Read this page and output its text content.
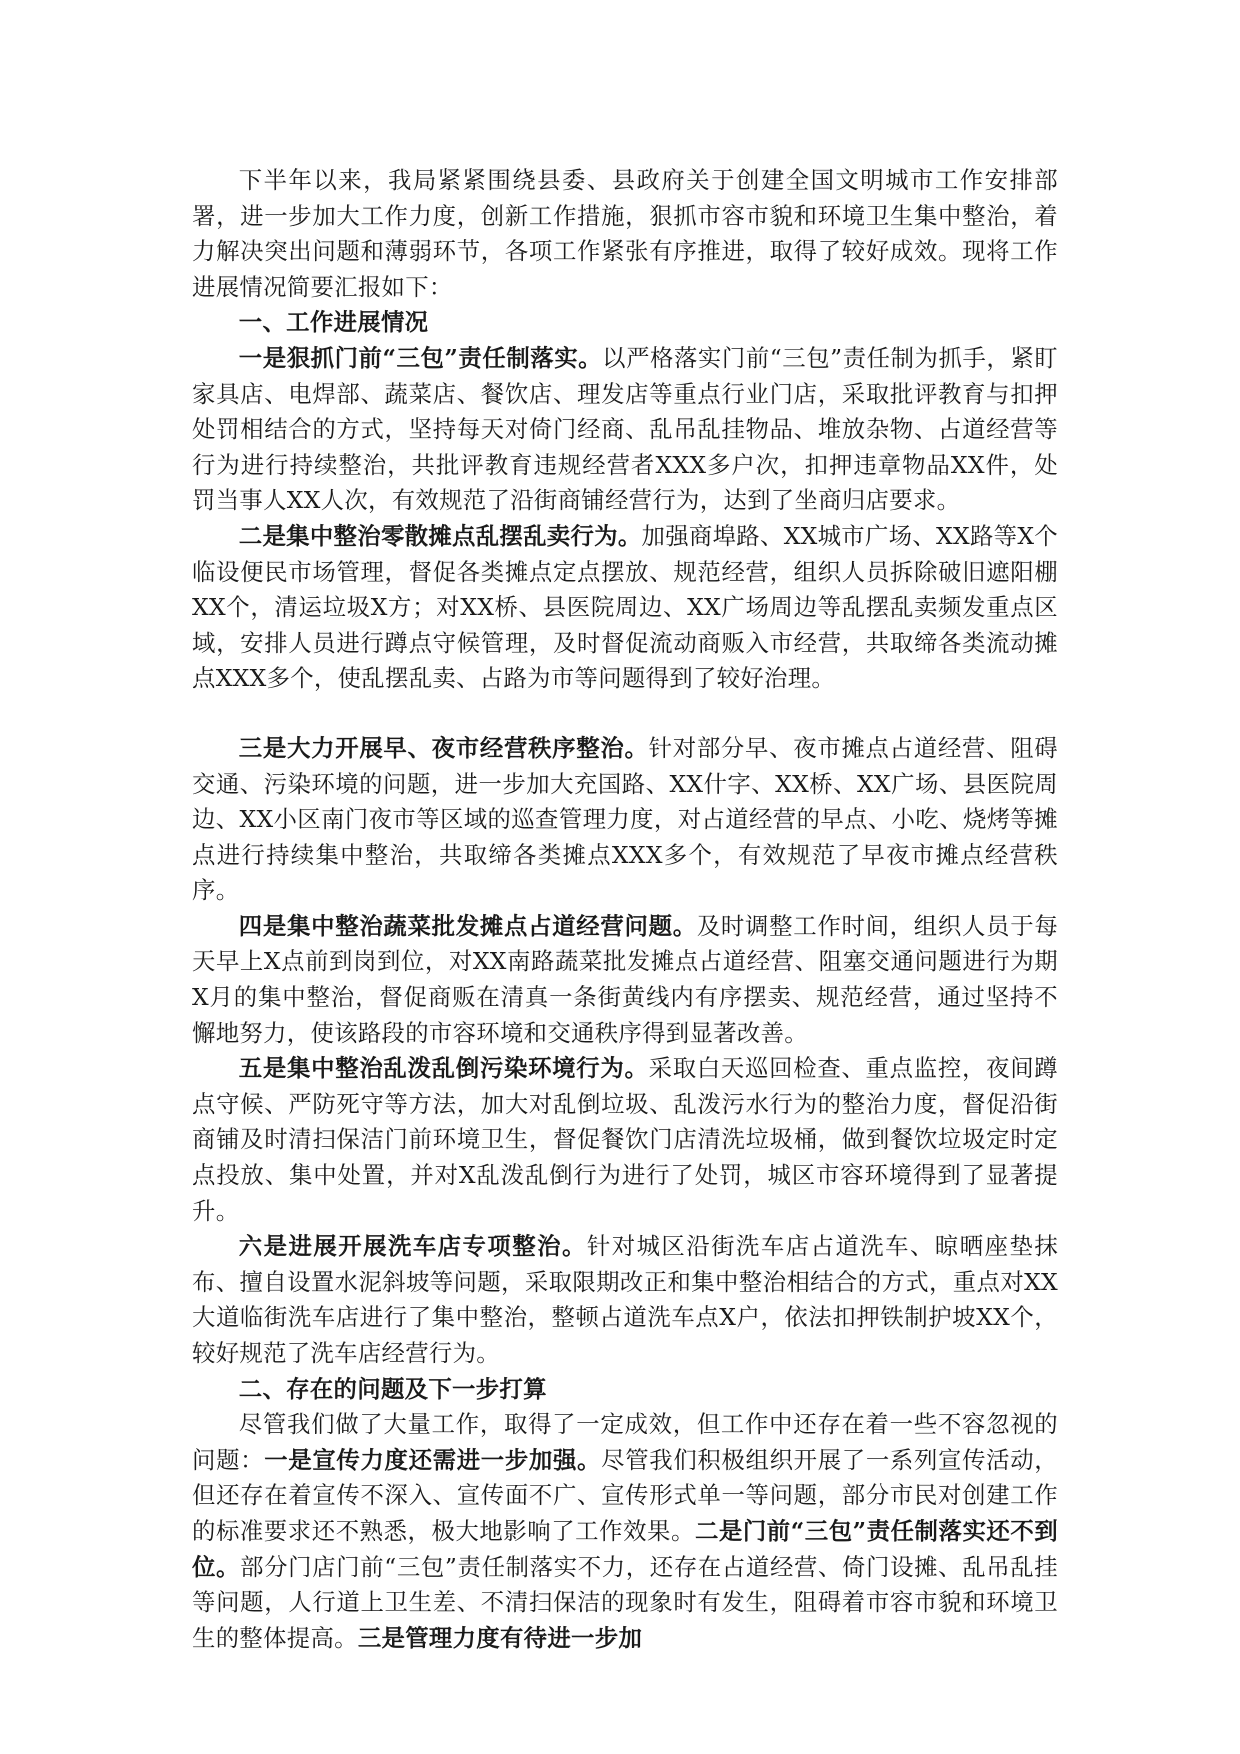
下半年以来，我局紧紧围绕县委、县政府关于创建全国文明城市工作安排部署，进一步加大工作力度，创新工作措施，狠抓市容市貌和环境卫生集中整治，着力解决突出问题和薄弱环节，各项工作紧张有序推进，取得了较好成效。现将工作进展情况简要汇报如下：

一、工作进展情况

一是狠抓门前“三包”责任制落实。以严格落实门前“三包”责任制为抓手，紧盯家具店、电焊部、蔬菜店、餐饮店、理发店等重点行业门店，采取批评教育与扣押处罚相结合的方式，坚持每天对倚门经商、乱吊乱挂物品、堆放杂物、占道经营等行为进行持续整治，共批评教育违规经营者XXX多户次，扣押违章物品XX件，处罚当事人XX人次，有效规范了沿街商铺经营行为，达到了坐商归店要求。

二是集中整治零散摊点乱摆乱卖行为。加强商埠路、XX城市广场、XX路等X个临设便民市场管理，督促各类摊点定点摆放、规范经营，组织人员拆除破旧遮阳棚XX个，清运垃圾X方；对XX桥、县医院周边、XX广场周边等乱摆乱卖频发重点区域，安排人员进行蹲点守候管理，及时督促流动商贩入市经营，共取缔各类流动摊点XXX多个，使乱摆乱卖、占路为市等问题得到了较好治理。

三是大力开展早、夜市经营秩序整治。针对部分早、夜市摊点占道经营、阻碍交通、污染环境的问题，进一步加大充国路、XX什字、XX桥、XX广场、县医院周边、XX小区南门夜市等区域的巡查管理力度，对占道经营的早点、小吃、烧烤等摊点进行持续集中整治，共取缔各类摊点XXX多个，有效规范了早夜市摊点经营秩序。

四是集中整治蔬菜批发摊点占道经营问题。及时调整工作时间，组织人员于每天早上X点前到岗到位，对XX南路蔬菜批发摊点占道经营、阻塞交通问题进行为期X月的集中整治，督促商贩在清真一条街黄线内有序摆卖、规范经营，通过坚持不懈地努力，使该路段的市容环境和交通秩序得到显著改善。

五是集中整治乱泼乱倒污染环境行为。采取白天巡回检查、重点监控，夜间蹲点守候、严防死守等方法，加大对乱倒垃圾、乱泼污水行为的整治力度，督促沿街商铺及时清扫保洁门前环境卫生，督促餐饮门店清洗垃圾桶，做到餐饮垃圾定时定点投放、集中处置，并对X乱泼乱倒行为进行了处罚，城区市容环境得到了显著提升。

六是进展开展洗车店专项整治。针对城区沿街洗车店占道洗车、晾晒座垫抹布、擅自设置水泥斜坡等问题，采取限期改正和集中整治相结合的方式，重点对XX大道临街洗车店进行了集中整治，整顿占道洗车点X户，依法扣押铁制护坡XX个，较好规范了洗车店经营行为。

二、存在的问题及下一步打算

尽管我们做了大量工作，取得了一定成效，但工作中还存在着一些不容忽视的问题：一是宣传力度还需进一步加强。尽管我们积极组织开展了一系列宣传活动，但还存在着宣传不深入、宣传面不广、宣传形式单一等问题，部分市民对创建工作的标准要求还不熟悉，极大地影响了工作效果。二是门前“三包”责任制落实还不到位。部分门店门前“三包”责任制落实不力，还存在占道经营、倚门设摊、乱吊乱挂等问题，人行道上卫生差、不清扫保洁的现象时有发生，阻碍着市容市貌和环境卫生的整体提高。三是管理力度有待进一步加
